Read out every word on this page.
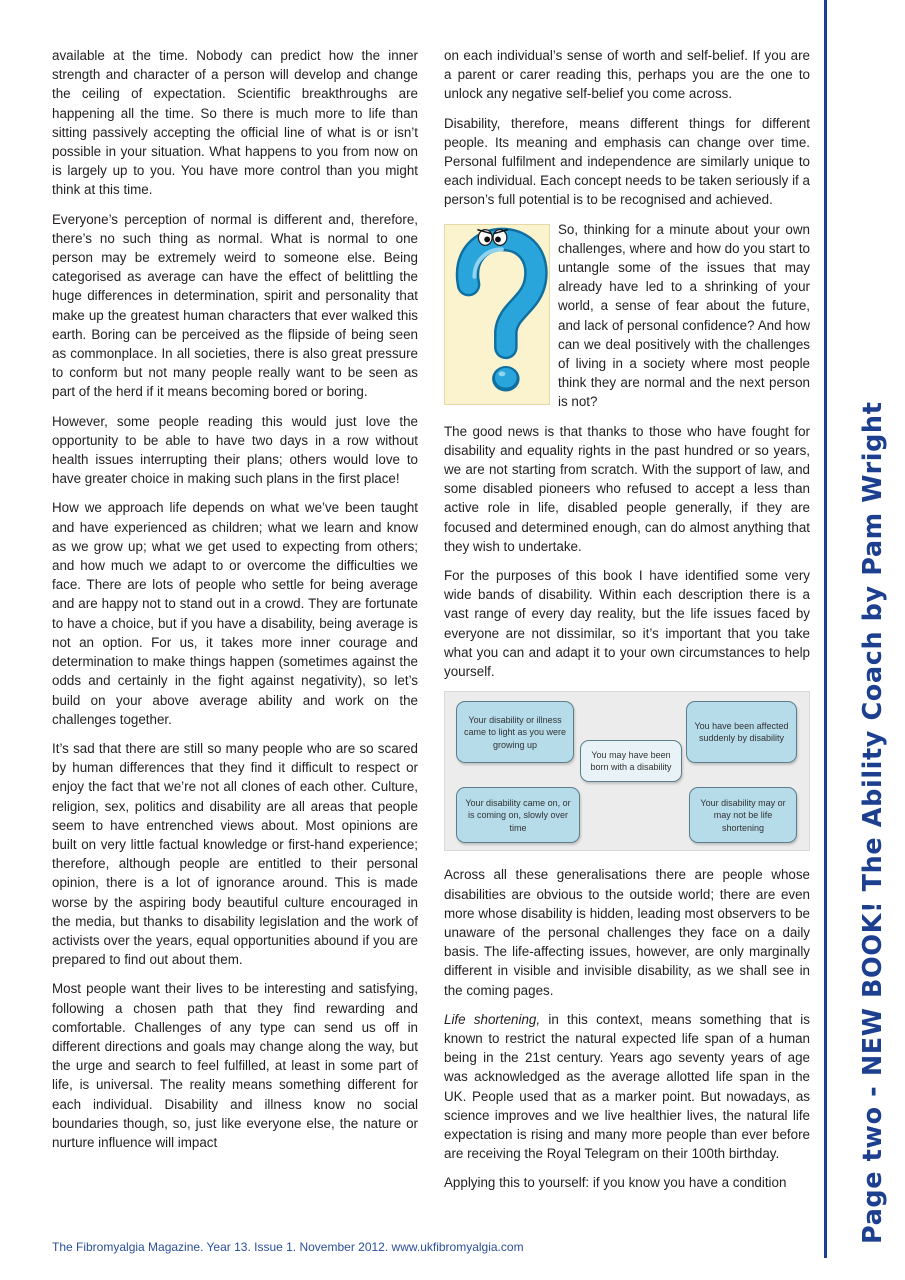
available at the time. Nobody can predict how the inner strength and character of a person will develop and change the ceiling of expectation. Scientific breakthroughs are happening all the time. So there is much more to life than sitting passively accepting the official line of what is or isn’t possible in your situation. What happens to you from now on is largely up to you. You have more control than you might think at this time.

Everyone’s perception of normal is different and, therefore, there’s no such thing as normal. What is normal to one person may be extremely weird to someone else. Being categorised as average can have the effect of belittling the huge differences in determination, spirit and personality that make up the greatest human characters that ever walked this earth. Boring can be perceived as the flipside of being seen as commonplace. In all societies, there is also great pressure to conform but not many people really want to be seen as part of the herd if it means becoming bored or boring.

However, some people reading this would just love the opportunity to be able to have two days in a row without health issues interrupting their plans; others would love to have greater choice in making such plans in the first place!

How we approach life depends on what we’ve been taught and have experienced as children; what we learn and know as we grow up; what we get used to expecting from others; and how much we adapt to or overcome the difficulties we face. There are lots of people who settle for being average and are happy not to stand out in a crowd. They are fortunate to have a choice, but if you have a disability, being average is not an option. For us, it takes more inner courage and determination to make things happen (sometimes against the odds and certainly in the fight against negativity), so let’s build on your above average ability and work on the challenges together.

It’s sad that there are still so many people who are so scared by human differences that they find it difficult to respect or enjoy the fact that we’re not all clones of each other. Culture, religion, sex, politics and disability are all areas that people seem to have entrenched views about. Most opinions are built on very little factual knowledge or first-hand experience; therefore, although people are entitled to their personal opinion, there is a lot of ignorance around. This is made worse by the aspiring body beautiful culture encouraged in the media, but thanks to disability legislation and the work of activists over the years, equal opportunities abound if you are prepared to find out about them.

Most people want their lives to be interesting and satisfying, following a chosen path that they find rewarding and comfortable. Challenges of any type can send us off in different directions and goals may change along the way, but the urge and search to feel fulfilled, at least in some part of life, is universal. The reality means something different for each individual. Disability and illness know no social boundaries though, so, just like everyone else, the nature or nurture influence will impact

on each individual’s sense of worth and self-belief. If you are a parent or carer reading this, perhaps you are the one to unlock any negative self-belief you come across.

Disability, therefore, means different things for different people. Its meaning and emphasis can change over time. Personal fulfilment and independence are similarly unique to each individual. Each concept needs to be taken seriously if a person’s full potential is to be recognised and achieved.

So, thinking for a minute about your own challenges, where and how do you start to untangle some of the issues that may already have led to a shrinking of your world, a sense of fear about the future, and lack of personal confidence? And how can we deal positively with the challenges of living in a society where most people think they are normal and the next person is not?

The good news is that thanks to those who have fought for disability and equality rights in the past hundred or so years, we are not starting from scratch. With the support of law, and some disabled pioneers who refused to accept a less than active role in life, disabled people generally, if they are focused and determined enough, can do almost anything that they wish to undertake.

For the purposes of this book I have identified some very wide bands of disability. Within each description there is a vast range of every day reality, but the life issues faced by everyone are not dissimilar, so it’s important that you take what you can and adapt it to your own circumstances to help yourself.

Your disability or illness came to light as you were growing up
You have been affected suddenly by disability
You may have been born with a disability
Your disability came on, or is coming on, slowly over time
Your disability may or may not be life shortening

Across all these generalisations there are people whose disabilities are obvious to the outside world; there are even more whose disability is hidden, leading most observers to be unaware of the personal challenges they face on a daily basis. The life-affecting issues, however, are only marginally different in visible and invisible disability, as we shall see in the coming pages.

Life shortening, in this context, means something that is known to restrict the natural expected life span of a human being in the 21st century. Years ago seventy years of age was acknowledged as the average allotted life span in the UK. People used that as a marker point. But nowadays, as science improves and we live healthier lives, the natural life expectation is rising and many more people than ever before are receiving the Royal Telegram on their 100th birthday.

Applying this to yourself: if you know you have a condition	Page two - NEW BOOK! The Ability Coach by Pam Wright
The Fibromyalgia Magazine. Year 13. Issue 1. November 2012. www.ukfibromyalgia.com
